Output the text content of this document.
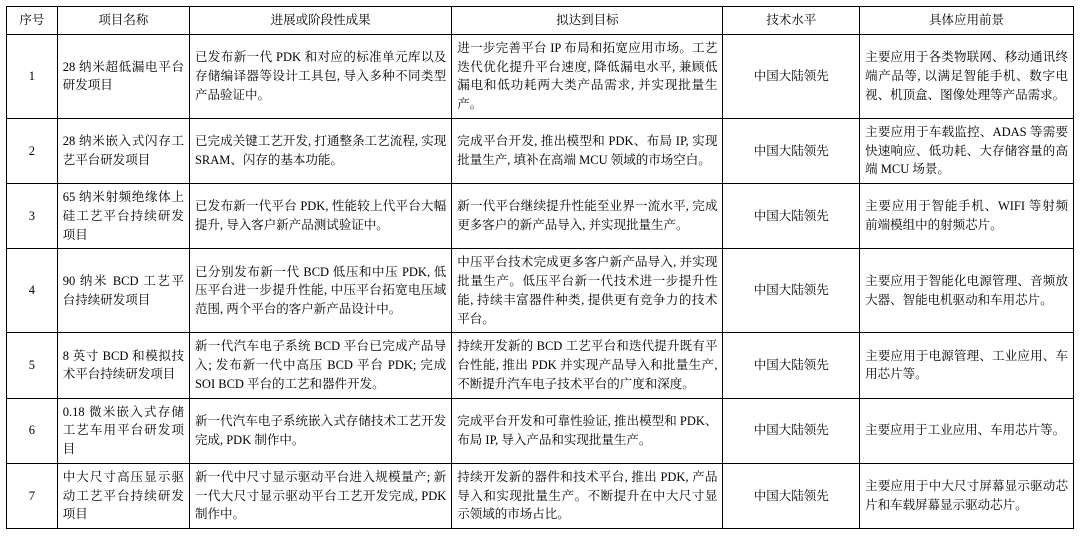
序号	项目名称	进展或阶段性成果	拟达到目标	技术水平	具体应用前景
1	28 纳米超低漏电平台研发项目	已发布新一代 PDK 和对应的标准单元库以及存储编译器等设计工具包, 导入多种不同类型产品验证中。	进一步完善平台 IP 布局和拓宽应用市场。工艺迭代优化提升平台速度, 降低漏电水平, 兼顾低漏电和低功耗两大类产品需求, 并实现批量生产。	中国大陆领先	主要应用于各类物联网、移动通讯终端产品等, 以满足智能手机、数字电视、机顶盒、图像处理等产品需求。
2	28 纳米嵌入式闪存工艺平台研发项目	已完成关键工艺开发, 打通整条工艺流程, 实现 SRAM、闪存的基本功能。	完成平台开发, 推出模型和 PDK、布局 IP, 实现批量生产, 填补在高端 MCU 领域的市场空白。	中国大陆领先	主要应用于车载监控、ADAS 等需要快速响应、低功耗、大存储容量的高端 MCU 场景。
3	65 纳米射频绝缘体上硅工艺平台持续研发项目	已发布新一代平台 PDK, 性能较上代平台大幅提升, 导入客户新产品测试验证中。	新一代平台继续提升性能至业界一流水平, 完成更多客户的新产品导入, 并实现批量生产。	中国大陆领先	主要应用于智能手机、WIFI 等射频前端模组中的射频芯片。
4	90 纳米 BCD 工艺平台持续研发项目	已分别发布新一代 BCD 低压和中压 PDK, 低压平台进一步提升性能, 中压平台拓宽电压域范围, 两个平台的客户新产品设计中。	中压平台技术完成更多客户新产品导入, 并实现批量生产。低压平台新一代技术进一步提升性能, 持续丰富器件种类, 提供更有竞争力的技术平台。	中国大陆领先	主要应用于智能化电源管理、音频放大器、智能电机驱动和车用芯片。
5	8 英寸 BCD 和模拟技术平台持续研发项目	新一代汽车电子系统 BCD 平台已完成产品导入; 发布新一代中高压 BCD 平台 PDK; 完成 SOI BCD 平台的工艺和器件开发。	持续开发新的 BCD 工艺平台和迭代提升既有平台性能, 推出 PDK 并实现产品导入和批量生产, 不断提升汽车电子技术平台的广度和深度。	中国大陆领先	主要应用于电源管理、工业应用、车用芯片等。
6	0.18 微米嵌入式存储工艺车用平台研发项目	新一代汽车电子系统嵌入式存储技术工艺开发完成, PDK 制作中。	完成平台开发和可靠性验证, 推出模型和 PDK、布局 IP, 导入产品和实现批量生产。	中国大陆领先	主要应用于工业应用、车用芯片等。
7	中大尺寸高压显示驱动工艺平台持续研发项目	新一代中尺寸显示驱动平台进入规模量产; 新一代大尺寸显示驱动平台工艺开发完成, PDK 制作中。	持续开发新的器件和技术平台, 推出 PDK, 产品导入和实现批量生产。不断提升在中大尺寸显示领域的市场占比。	中国大陆领先	主要应用于中大尺寸屏幕显示驱动芯片和车载屏幕显示驱动芯片。
